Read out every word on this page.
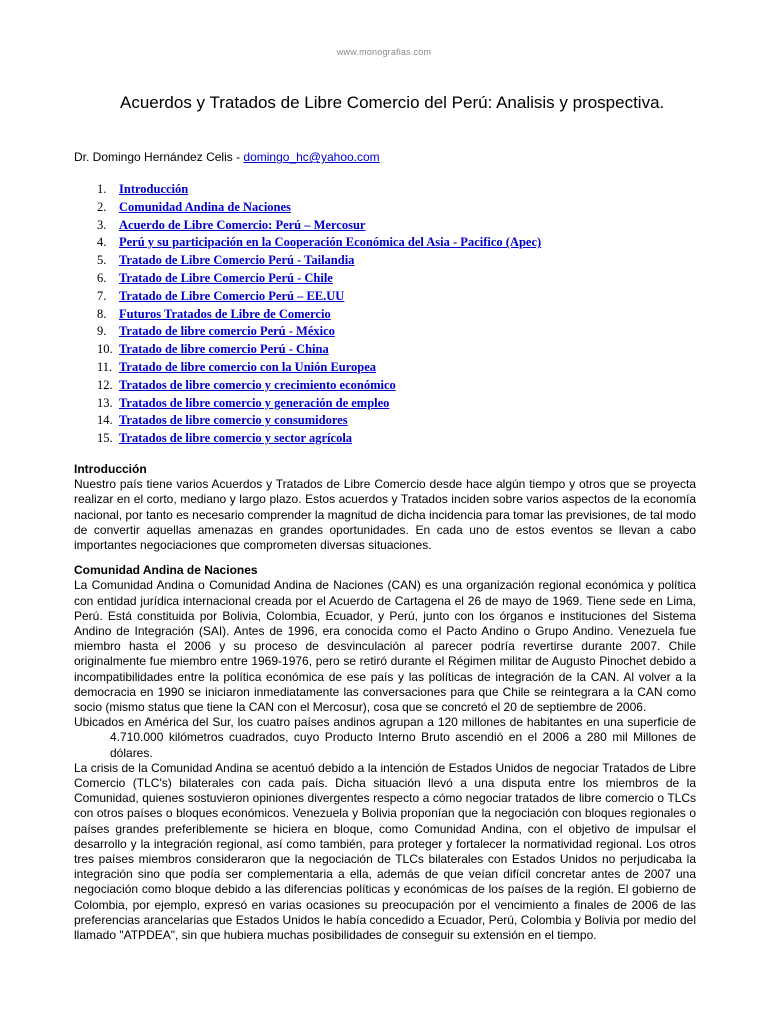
www.monografias.com
Acuerdos y Tratados de Libre Comercio del Perú: Analisis y prospectiva.
Dr. Domingo Hernández Celis - domingo_hc@yahoo.com
1.	Introducción
2.	Comunidad Andina de Naciones
3.	Acuerdo de Libre Comercio: Perú – Mercosur
4.	Perú y su participación en la Cooperación Económica del Asia - Pacifico (Apec)
5.	Tratado de Libre Comercio Perú - Tailandia
6.	Tratado de Libre Comercio Perú - Chile
7.	Tratado de Libre Comercio Perú – EE.UU
8.	Futuros Tratados de Libre de Comercio
9.	Tratado de libre comercio Perú - México
10. Tratado de libre comercio Perú - China
11. Tratado de libre comercio con la Unión Europea
12. Tratados de libre comercio y crecimiento económico
13. Tratados de libre comercio y generación de empleo
14. Tratados de libre comercio y consumidores
15. Tratados de libre comercio y sector agrícola
Introducción

Nuestro país tiene varios Acuerdos y Tratados de Libre Comercio desde hace algún tiempo y otros que se proyecta realizar en el corto, mediano y largo plazo. Estos acuerdos y Tratados inciden sobre varios aspectos de la economía nacional, por tanto es necesario comprender la magnitud de dicha incidencia para tomar las previsiones, de tal modo de convertir aquellas amenazas en grandes oportunidades. En cada uno de estos eventos se llevan a cabo importantes negociaciones que comprometen diversas situaciones.

Comunidad Andina de Naciones

La Comunidad Andina o Comunidad Andina de Naciones (CAN) es una organización regional económica y política con entidad jurídica internacional creada por el Acuerdo de Cartagena el 26 de mayo de 1969. Tiene sede en Lima, Perú. Está constituida por Bolivia, Colombia, Ecuador, y Perú, junto con los órganos e instituciones del Sistema Andino de Integración (SAI). Antes de 1996, era conocida como el Pacto Andino o Grupo Andino. Venezuela fue miembro hasta el 2006 y su proceso de desvinculación al parecer podría revertirse durante 2007. Chile originalmente fue miembro entre 1969-1976, pero se retiró durante el Régimen militar de Augusto Pinochet debido a incompatibilidades entre la política económica de ese país y las políticas de integración de la CAN. Al volver a la democracia en 1990 se iniciaron inmediatamente las conversaciones para que Chile se reintegrara a la CAN como socio (mismo status que tiene la CAN con el Mercosur), cosa que se concretó el 20 de septiembre de 2006.

Ubicados en América del Sur, los cuatro países andinos agrupan a 120 millones de habitantes en una superficie de 4.710.000 kilómetros cuadrados, cuyo Producto Interno Bruto ascendió en el 2006 a 280 mil Millones de dólares.

La crisis de la Comunidad Andina se acentuó debido a la intención de Estados Unidos de negociar Tratados de Libre Comercio (TLC's) bilaterales con cada país. Dicha situación llevó a una disputa entre los miembros de la Comunidad, quienes sostuvieron opiniones divergentes respecto a cómo negociar tratados de libre comercio o TLCs con otros países o bloques económicos. Venezuela y Bolivia proponían que la negociación con bloques regionales o países grandes preferiblemente se hiciera en bloque, como Comunidad Andina, con el objetivo de impulsar el desarrollo y la integración regional, así como también, para proteger y fortalecer la normatividad regional. Los otros tres países miembros consideraron que la negociación de TLCs bilaterales con Estados Unidos no perjudicaba la integración sino que podía ser complementaria a ella, además de que veían difícil concretar antes de 2007 una negociación como bloque debido a las diferencias políticas y económicas de los países de la región. El gobierno de Colombia, por ejemplo, expresó en varias ocasiones su preocupación por el vencimiento a finales de 2006 de las preferencias arancelarias que Estados Unidos le había concedido a Ecuador, Perú, Colombia y Bolivia por medio del llamado "ATPDEA", sin que hubiera muchas posibilidades de conseguir su extensión en el tiempo.
